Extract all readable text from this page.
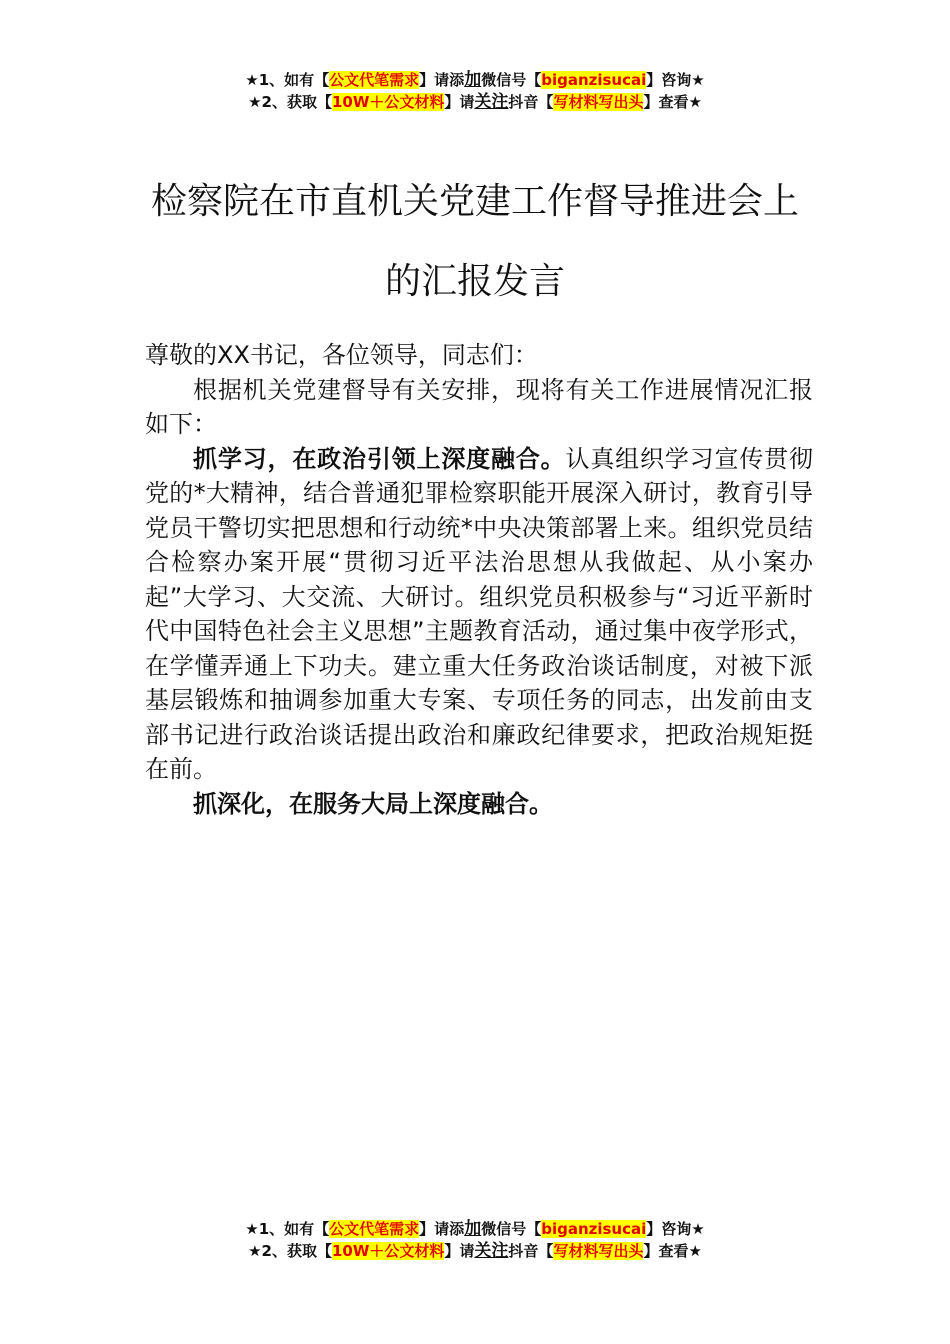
★1、如有【公文代笔需求】请添加微信号【biganzisucai】咨询★
★2、获取【10W＋公文材料】请关注抖音【写材料写出头】查看★
检察院在市直机关党建工作督导推进会上
的汇报发言

尊敬的XX书记，各位领导，同志们：

根据机关党建督导有关安排，现将有关工作进展情况汇报如下：

抓学习，在政治引领上深度融合。认真组织学习宣传贯彻党的*大精神，结合普通犯罪检察职能开展深入研讨，教育引导党员干警切实把思想和行动统*中央决策部署上来。组织党员结合检察办案开展“贯彻习近平法治思想从我做起、从小案办起”大学习、大交流、大研讨。组织党员积极参与“习近平新时代中国特色社会主义思想”主题教育活动，通过集中夜学形式，在学懂弄通上下功夫。建立重大任务政治谈话制度，对被下派基层锻炼和抽调参加重大专案、专项任务的同志，出发前由支部书记进行政治谈话提出政治和廉政纪律要求，把政治规矩挺在前。

抓深化，在服务大局上深度融合。

★1、如有【公文代笔需求】请添加微信号【biganzisucai】咨询★
★2、获取【10W＋公文材料】请关注抖音【写材料写出头】查看★
